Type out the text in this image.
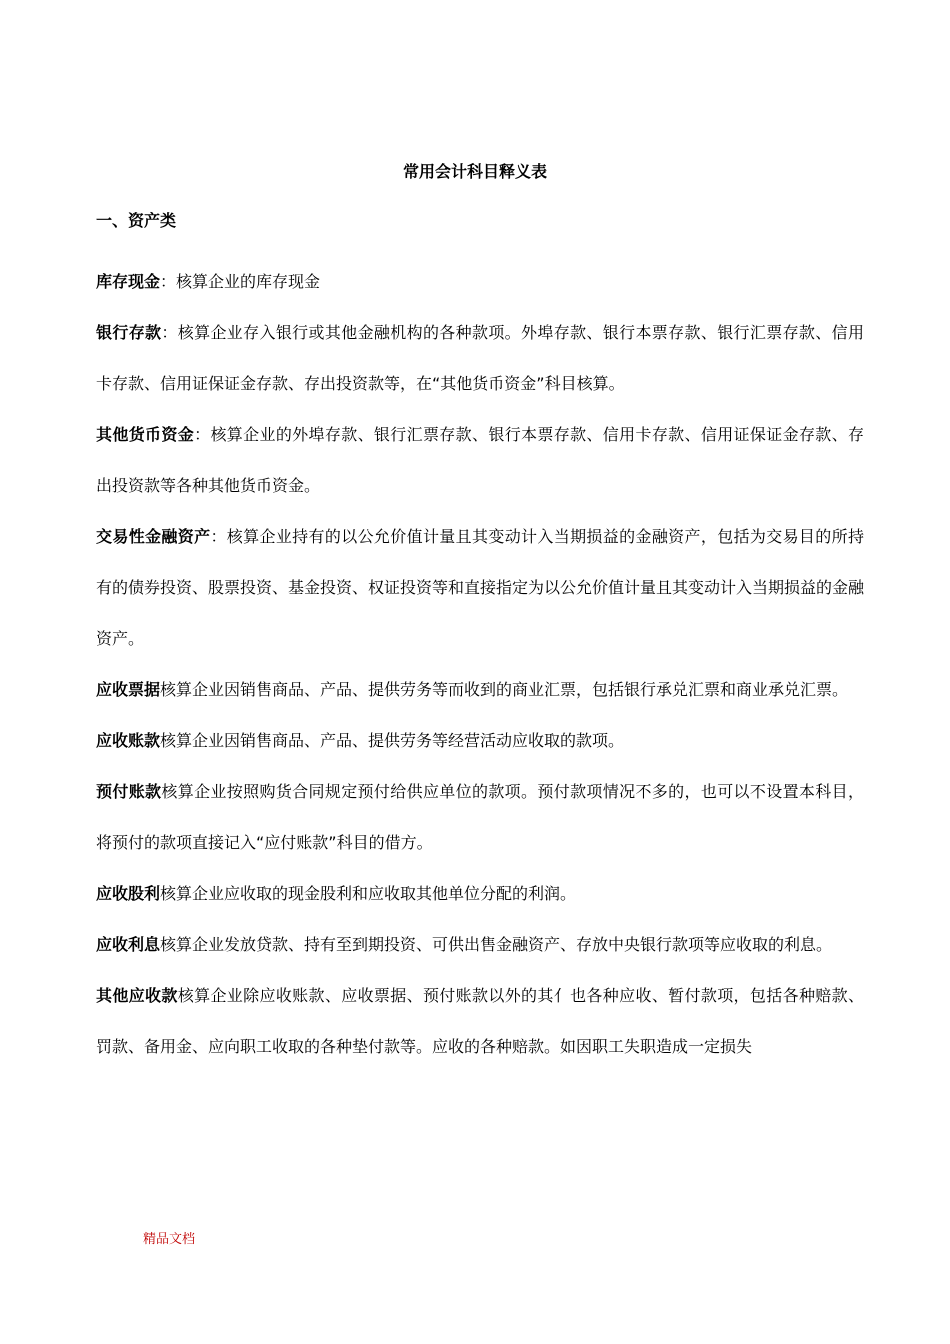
常用会计科目释义表
一、资产类

库存现金：核算企业的库存现金

银行存款：核算企业存入银行或其他金融机构的各种款项。外埠存款、银行本票存款、银行汇票存款、信用卡存款、信用证保证金存款、存出投资款等，在“其他货币资金”科目核算。

其他货币资金：核算企业的外埠存款、银行汇票存款、银行本票存款、信用卡存款、信用证保证金存款、存出投资款等各种其他货币资金。

交易性金融资产：核算企业持有的以公允价值计量且其变动计入当期损益的金融资产，包括为交易目的所持有的债券投资、股票投资、基金投资、权证投资等和直接指定为以公允价值计量且其变动计入当期损益的金融资产。

应收票据核算企业因销售商品、产品、提供劳务等而收到的商业汇票，包括银行承兑汇票和商业承兑汇票。

应收账款核算企业因销售商品、产品、提供劳务等经营活动应收取的款项。

预付账款核算企业按照购货合同规定预付给供应单位的款项。预付款项情况不多的，也可以不设置本科目，将预付的款项直接记入“应付账款”科目的借方。

应收股利核算企业应收取的现金股利和应收取其他单位分配的利润。

应收利息核算企业发放贷款、持有至到期投资、可供出售金融资产、存放中央银行款项等应收取的利息。

其他应收款核算企业除应收账款、应收票据、预付账款以外的其亻也各种应收、暂付款项，包括各种赔款、罚款、备用金、应向职工收取的各种垫付款等。应收的各种赔款。如因职工失职造成一定损失

精品文档
